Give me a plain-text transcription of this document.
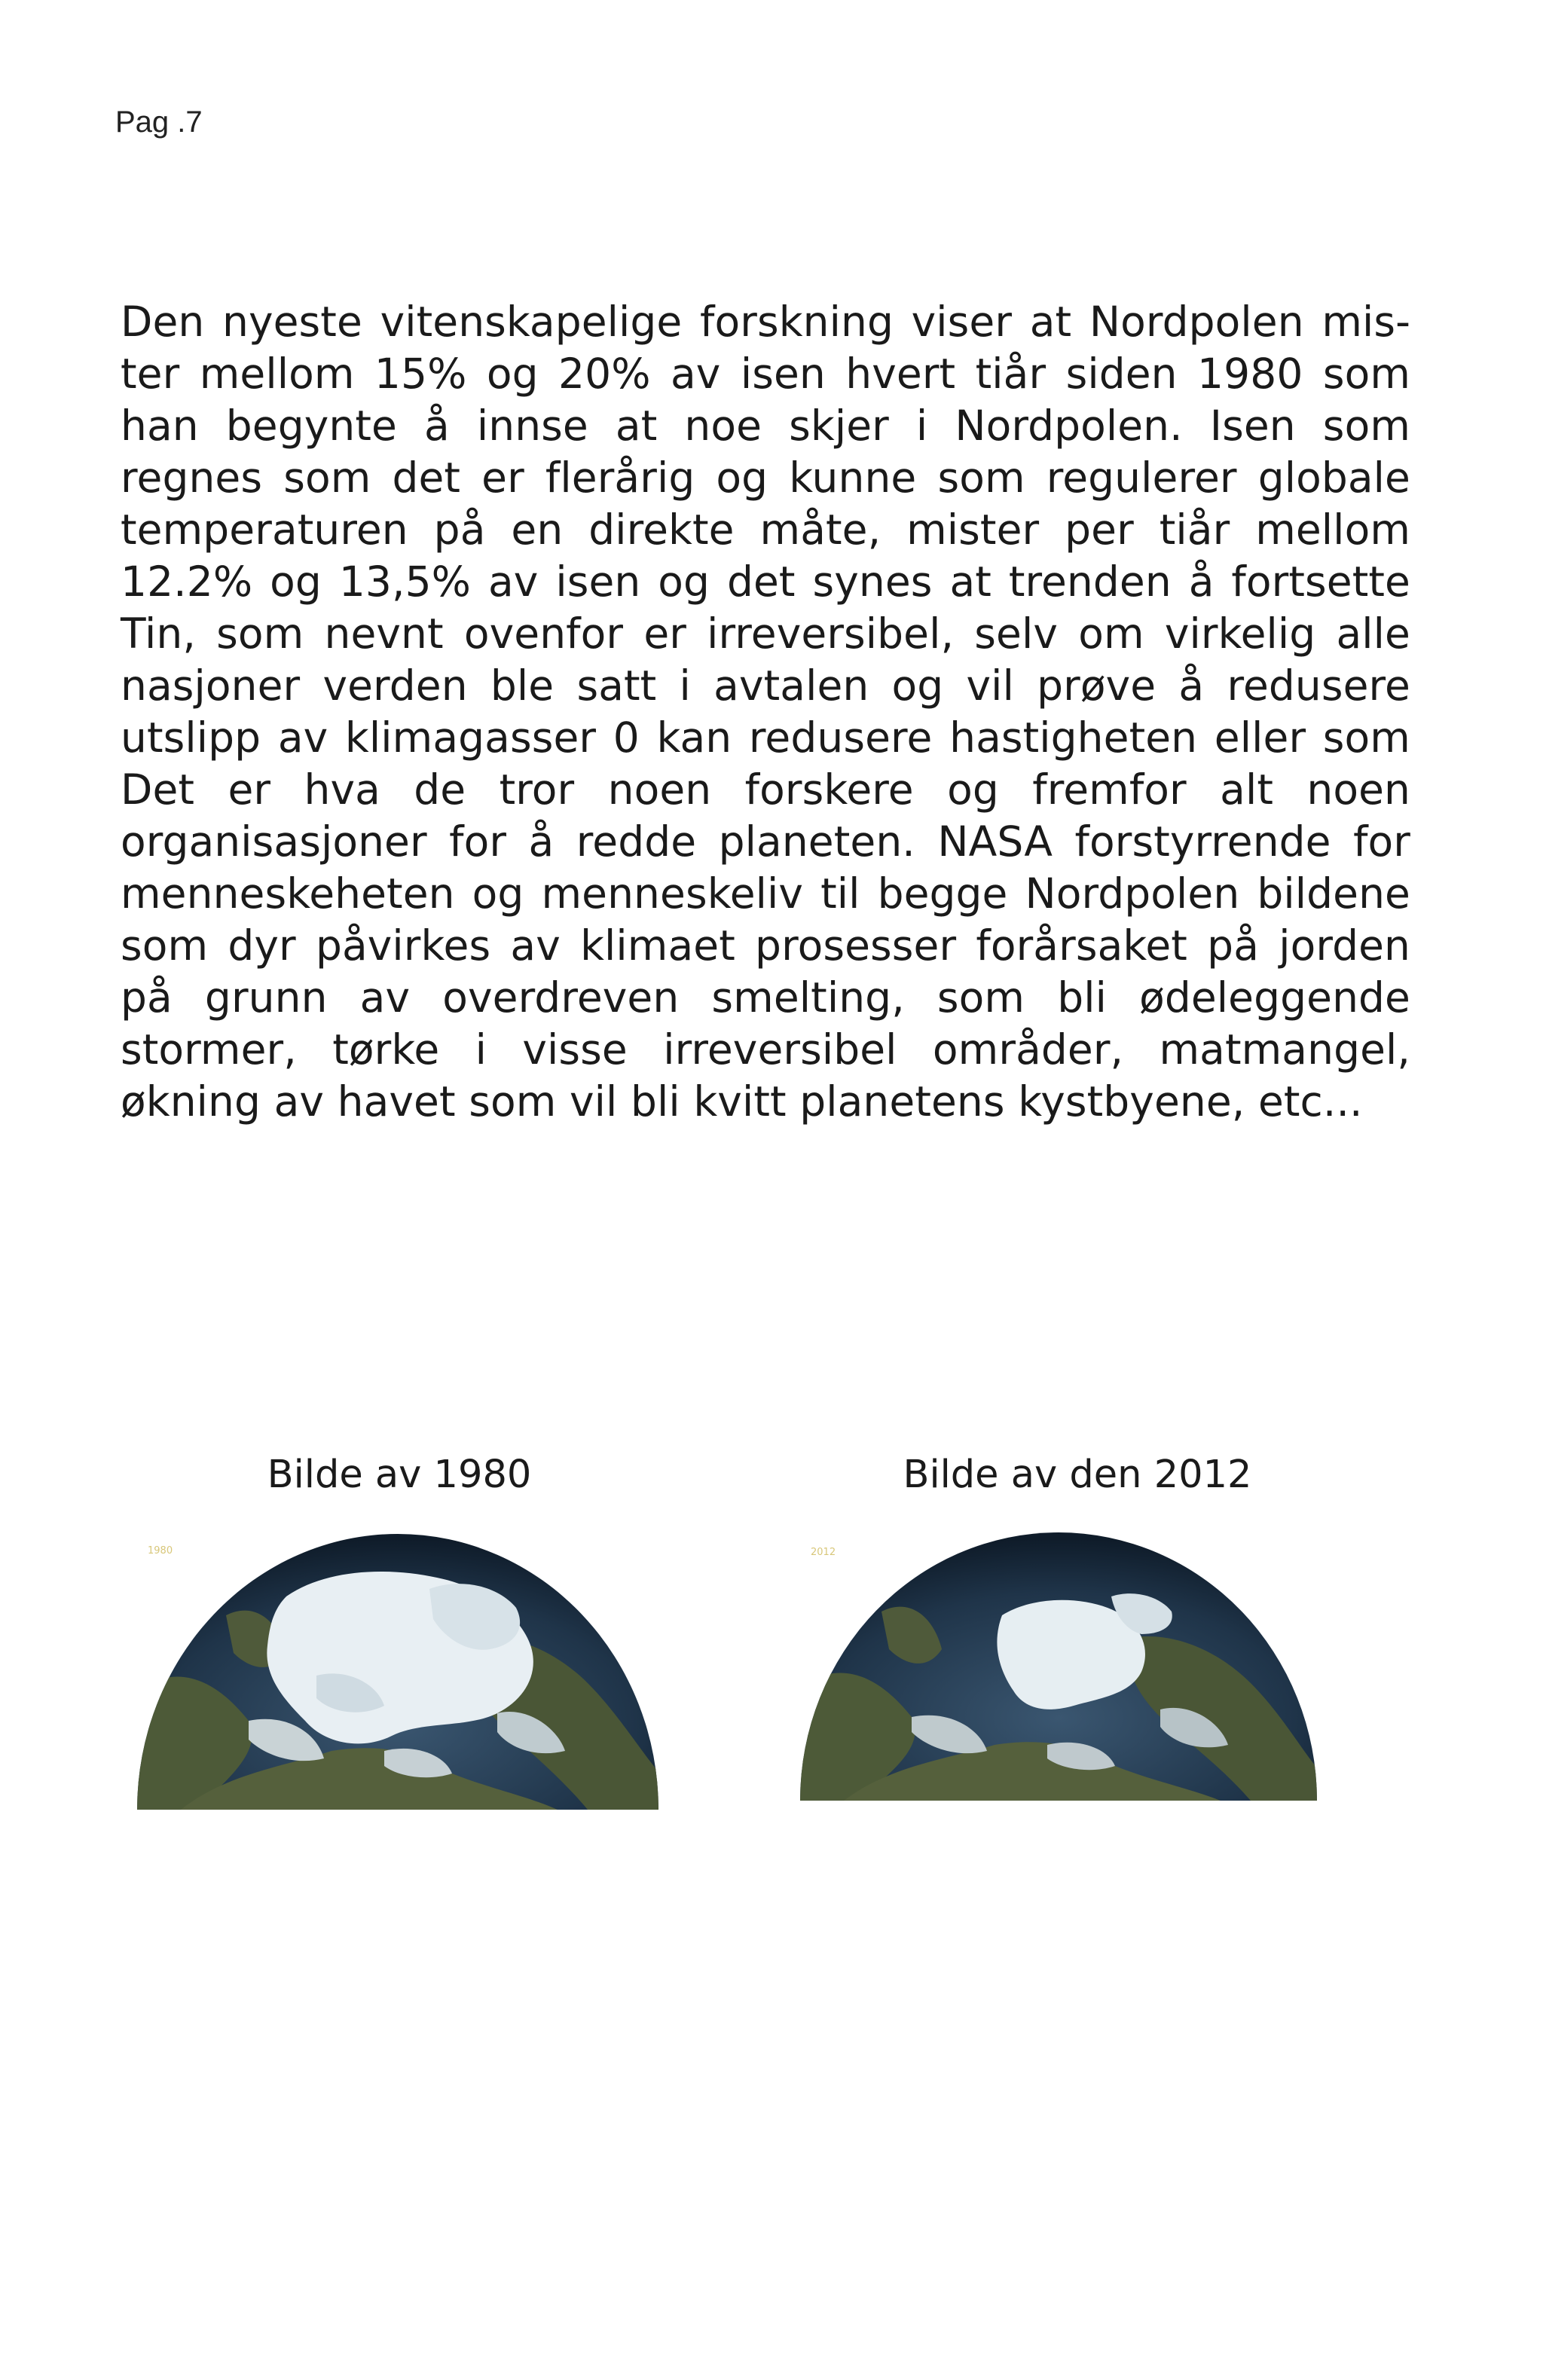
Pag .7

Den nyeste vitenskapelige forskning viser at Nordpolen mister mellom 15% og 20% av isen hvert tiår siden 1980 som han begynte å innse at noe skjer i Nordpolen. Isen som regnes som det er flerårig og kunne som regulerer globale temperaturen på en direkte måte, mister per tiår mellom 12.2% og 13,5% av isen og det synes at trenden å fortsette Tin, som nevnt ovenfor er irreversibel, selv om virkelig alle nasjoner verden ble satt i avtalen og vil prøve å redusere utslipp av klimagasser 0 kan redusere hastigheten eller som Det er hva de tror noen forskere og fremfor alt noen organisasjoner for å redde planeten. NASA forstyrrende for menneskeheten og menneskeliv til begge Nordpolen bildene som dyr påvirkes av klimaet prosesser forårsaket på jorden på grunn av overdreven smelting, som bli ødeleggende stormer, tørke i visse irreversibel områder, matmangel, økning av havet som vil bli kvitt planetens kystbyene, etc...

Bilde av 1980	Bilde av den 2012
1980	2012
